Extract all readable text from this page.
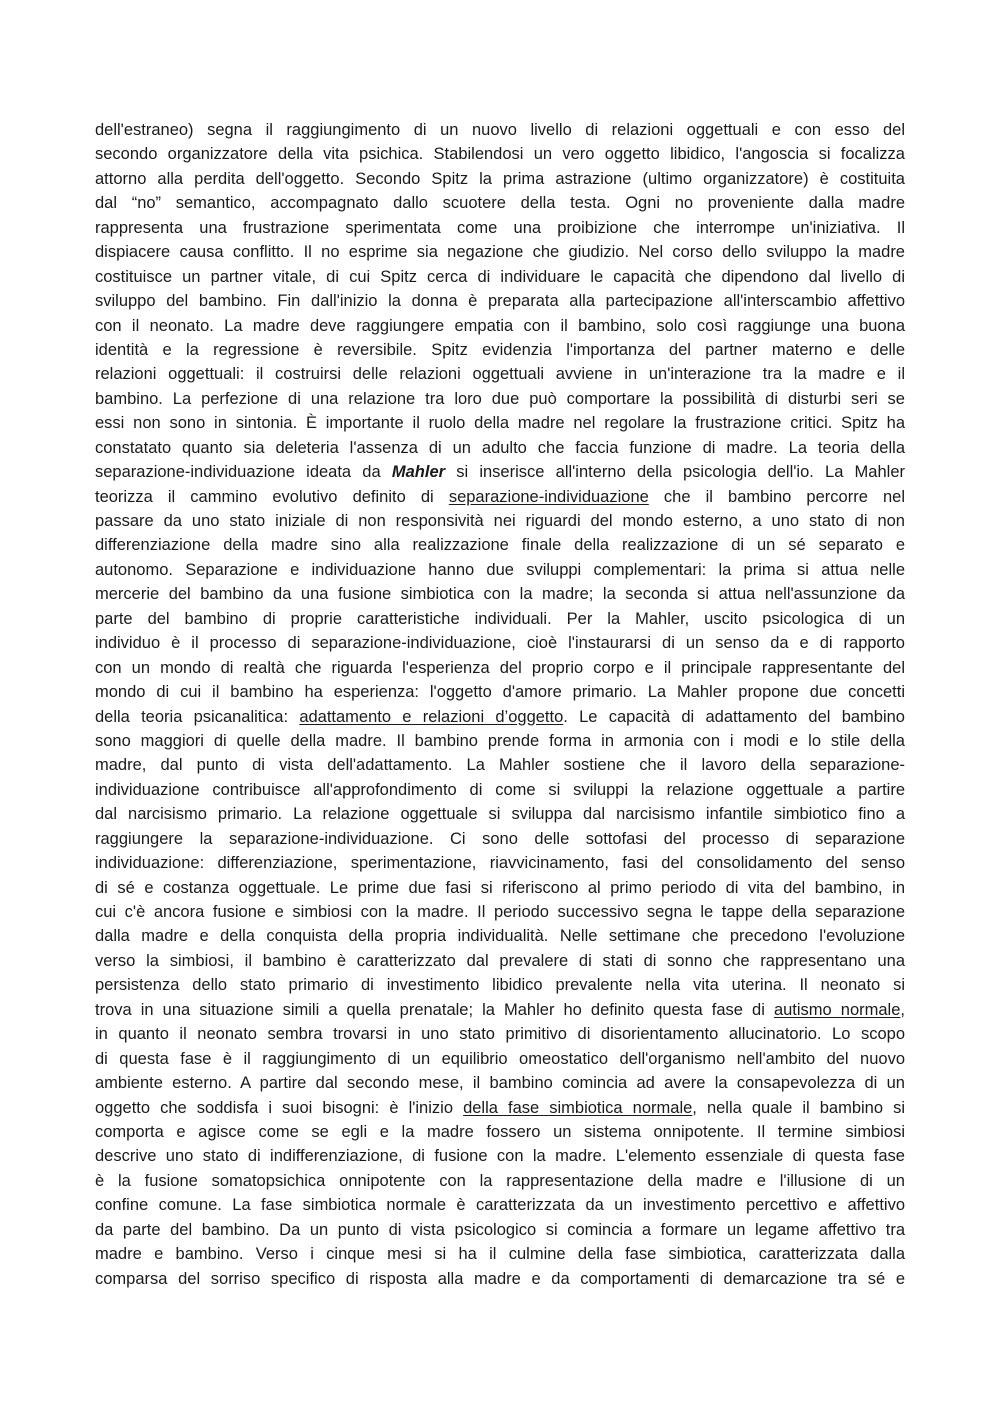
dell'estraneo) segna il raggiungimento di un nuovo livello di relazioni oggettuali e con esso del
secondo organizzatore della vita psichica. Stabilendosi un vero oggetto libidico, l'angoscia si focalizza
attorno alla perdita dell'oggetto. Secondo Spitz la prima astrazione (ultimo organizzatore) è costituita
dal “no” semantico, accompagnato dallo scuotere della testa. Ogni no proveniente dalla madre
rappresenta una frustrazione sperimentata come una proibizione che interrompe un'iniziativa. Il
dispiacere causa conflitto. Il no esprime sia negazione che giudizio. Nel corso dello sviluppo la madre
costituisce un partner vitale, di cui Spitz cerca di individuare le capacità che dipendono dal livello di
sviluppo del bambino. Fin dall'inizio la donna è preparata alla partecipazione all'interscambio affettivo
con il neonato. La madre deve raggiungere empatia con il bambino, solo così raggiunge una buona
identità e la regressione è reversibile. Spitz evidenzia l'importanza del partner materno e delle
relazioni oggettuali: il costruirsi delle relazioni oggettuali avviene in un'interazione tra la madre e il
bambino. La perfezione di una relazione tra loro due può comportare la possibilità di disturbi seri se
essi non sono in sintonia. È importante il ruolo della madre nel regolare la frustrazione critici. Spitz ha
constatato quanto sia deleteria l'assenza di un adulto che faccia funzione di madre. La teoria della
separazione-individuazione ideata da Mahler si inserisce all'interno della psicologia dell'io. La Mahler
teorizza il cammino evolutivo definito di separazione-individuazione che il bambino percorre nel
passare da uno stato iniziale di non responsività nei riguardi del mondo esterno, a uno stato di non
differenziazione della madre sino alla realizzazione finale della realizzazione di un sé separato e
autonomo. Separazione e individuazione hanno due sviluppi complementari: la prima si attua nelle
mercerie del bambino da una fusione simbiotica con la madre; la seconda si attua nell'assunzione da
parte del bambino di proprie caratteristiche individuali. Per la Mahler, uscito psicologica di un
individuo è il processo di separazione-individuazione, cioè l'instaurarsi di un senso da e di rapporto
con un mondo di realtà che riguarda l'esperienza del proprio corpo e il principale rappresentante del
mondo di cui il bambino ha esperienza: l'oggetto d'amore primario. La Mahler propone due concetti
della teoria psicanalitica: adattamento e relazioni d’oggetto. Le capacità di adattamento del bambino
sono maggiori di quelle della madre. Il bambino prende forma in armonia con i modi e lo stile della
madre, dal punto di vista dell'adattamento. La Mahler sostiene che il lavoro della separazione-
individuazione contribuisce all'approfondimento di come si sviluppi la relazione oggettuale a partire
dal narcisismo primario. La relazione oggettuale si sviluppa dal narcisismo infantile simbiotico fino a
raggiungere la separazione-individuazione. Ci sono delle sottofasi del processo di separazione
individuazione: differenziazione, sperimentazione, riavvicinamento, fasi del consolidamento del senso
di sé e costanza oggettuale. Le prime due fasi si riferiscono al primo periodo di vita del bambino, in
cui c'è ancora fusione e simbiosi con la madre. Il periodo successivo segna le tappe della separazione
dalla madre e della conquista della propria individualità. Nelle settimane che precedono l'evoluzione
verso la simbiosi, il bambino è caratterizzato dal prevalere di stati di sonno che rappresentano una
persistenza dello stato primario di investimento libidico prevalente nella vita uterina. Il neonato si
trova in una situazione simili a quella prenatale; la Mahler ho definito questa fase di autismo normale,
in quanto il neonato sembra trovarsi in uno stato primitivo di disorientamento allucinatorio. Lo scopo
di questa fase è il raggiungimento di un equilibrio omeostatico dell'organismo nell'ambito del nuovo
ambiente esterno. A partire dal secondo mese, il bambino comincia ad avere la consapevolezza di un
oggetto che soddisfa i suoi bisogni: è l'inizio della fase simbiotica normale, nella quale il bambino si
comporta e agisce come se egli e la madre fossero un sistema onnipotente. Il termine simbiosi
descrive uno stato di indifferenziazione, di fusione con la madre. L'elemento essenziale di questa fase
è la fusione somatopsichica onnipotente con la rappresentazione della madre e l'illusione di un
confine comune. La fase simbiotica normale è caratterizzata da un investimento percettivo e affettivo
da parte del bambino. Da un punto di vista psicologico si comincia a formare un legame affettivo tra
madre e bambino. Verso i cinque mesi si ha il culmine della fase simbiotica, caratterizzata dalla
comparsa del sorriso specifico di risposta alla madre e da comportamenti di demarcazione tra sé e
